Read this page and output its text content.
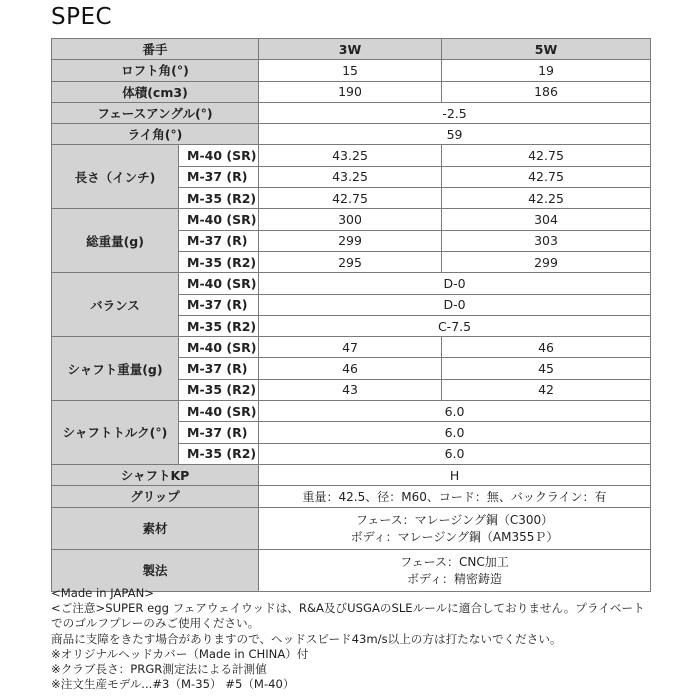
SPEC
番手		3W	5W
ロフト角(°)		15	19
体積(cm3)		190	186
フェースアングル(°)		-2.5	
ライ角(°)		59	
長さ（インチ)	M-40 (SR)	43.25	42.75
	M-37 (R)	43.25	42.75
	M-35 (R2)	42.75	42.25
総重量(g)	M-40 (SR)	300	304
	M-37 (R)	299	303
	M-35 (R2)	295	299
バランス	M-40 (SR)	D-0	
	M-37 (R)	D-0	
	M-35 (R2)	C-7.5	
シャフト重量(g)	M-40 (SR)	47	46
	M-37 (R)	46	45
	M-35 (R2)	43	42
シャフトトルク(°)	M-40 (SR)	6.0	
	M-37 (R)	6.0	
	M-35 (R2)	6.0	
シャフトKP		H	
グリップ		重量：42.5、径：M60、コード：無、バックライン：有	
素材		フェース：マレージング鋼（C300）
ボディ：マレージング鋼（AM355Ｐ）	

製法		フェース：CNC加工
ボディ：精密鋳造	
<Made in JAPAN>
<ご注意>SUPER egg フェアウェイウッドは、R&A及びUSGAのSLEルールに適合しておりません。プライベート
でのゴルフプレーのみご使用ください。
商品に支障をきたす場合がありますので、ヘッドスピード43m/s以上の方は打たないでください。
※オリジナルヘッドカバー（Made in CHINA）付
※クラブ長さ：PRGR測定法による計測値
※注文生産モデル...#3（M-35） #5（M-40）
